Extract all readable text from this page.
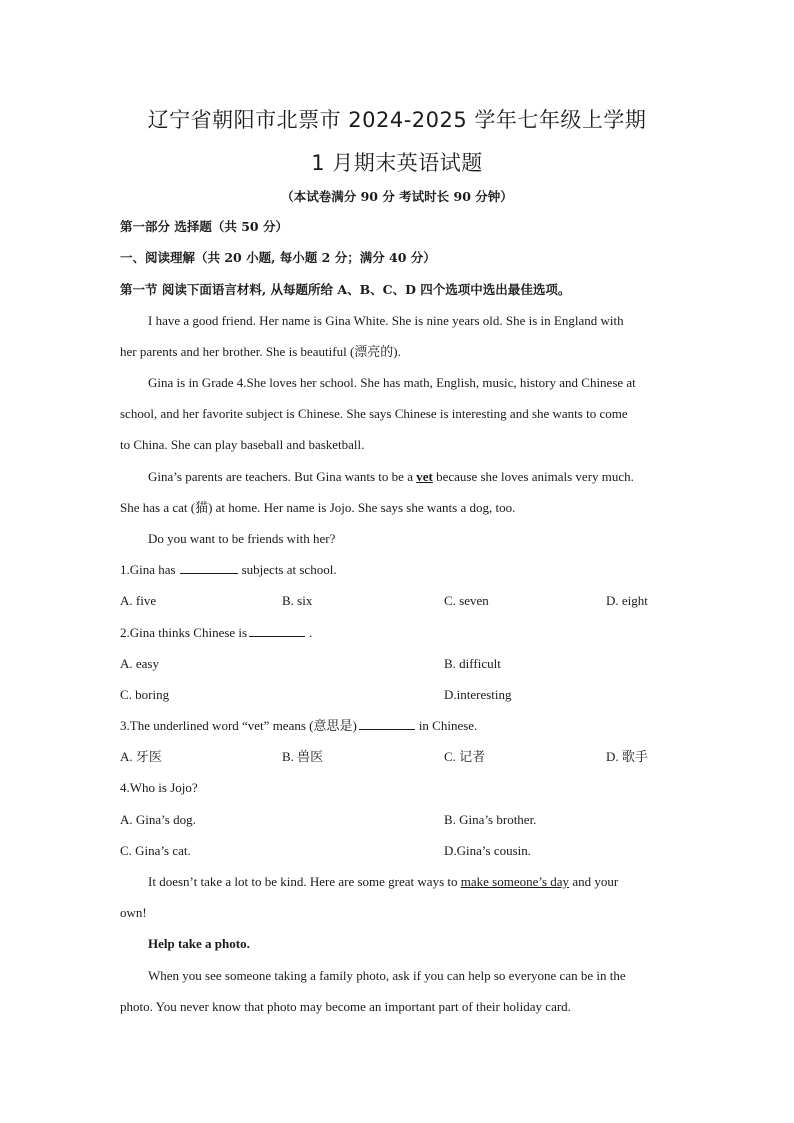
辽宁省朝阳市北票市 2024-2025 学年七年级上学期
1 月期末英语试题
（本试卷满分 90 分 考试时长 90 分钟）
第一部分 选择题（共 50 分）
一、阅读理解（共 20 小题, 每小题 2 分；满分 40 分）
第一节 阅读下面语言材料, 从每题所给 A、B、C、D 四个选项中选出最佳选项。
I have a good friend. Her name is Gina White. She is nine years old. She is in England with
her parents and her brother. She is beautiful (漂亮的).
Gina is in Grade 4.She loves her school. She has math, English, music, history and Chinese at
school, and her favorite subject is Chinese. She says Chinese is interesting and she wants to come
to China. She can play baseball and basketball.
Gina’s parents are teachers. But Gina wants to be a vet because she loves animals very much.
She has a cat (猫) at home. Her name is Jojo. She says she wants a dog, too.
Do you want to be friends with her?
1.Gina has	subjects at school.
A. five	B. six	C. seven	D. eight
2.Gina thinks Chinese is	.
A. easy	B. difficult
C. boring	D.interesting
3.The underlined word “vet” means (意思是)	in Chinese.
A. 牙医	B. 兽医	C. 记者	D. 歌手
4.Who is Jojo?
A. Gina’s dog.	B. Gina’s brother.
C. Gina’s cat.	D.Gina’s cousin.
It doesn’t take a lot to be kind. Here are some great ways to make someone’s day and your
own!
Help take a photo.
When you see someone taking a family photo, ask if you can help so everyone can be in the
photo. You never know that photo may become an important part of their holiday card.
